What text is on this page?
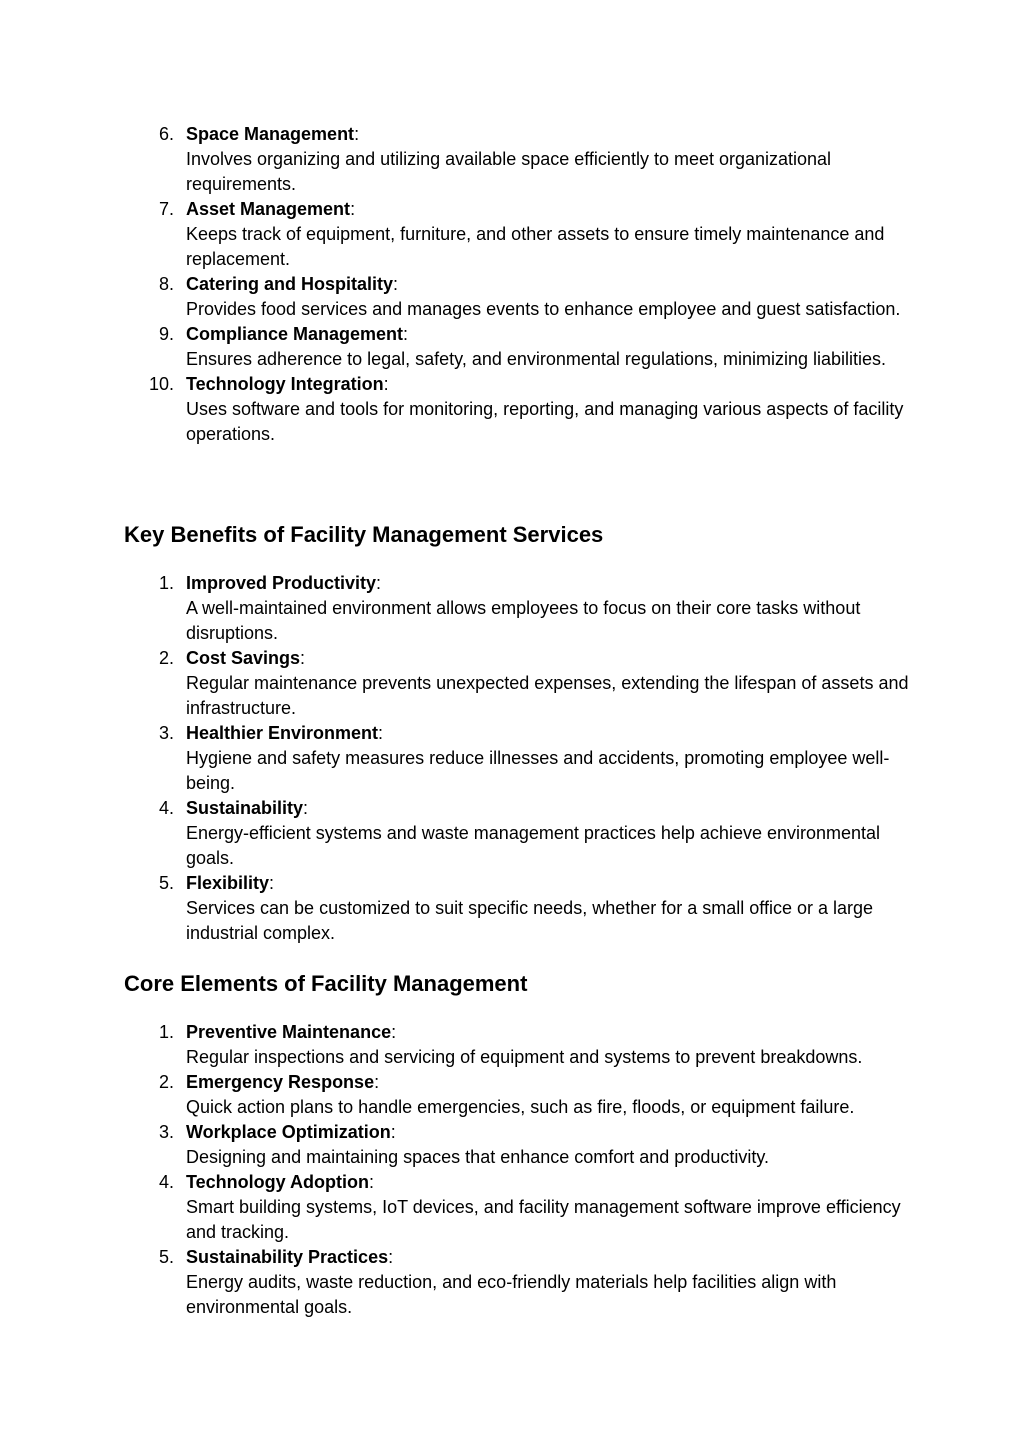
6. Space Management:
Involves organizing and utilizing available space efficiently to meet organizational requirements.
7. Asset Management:
Keeps track of equipment, furniture, and other assets to ensure timely maintenance and replacement.
8. Catering and Hospitality:
Provides food services and manages events to enhance employee and guest satisfaction.
9. Compliance Management:
Ensures adherence to legal, safety, and environmental regulations, minimizing liabilities.
10. Technology Integration:
Uses software and tools for monitoring, reporting, and managing various aspects of facility operations.
Key Benefits of Facility Management Services
1. Improved Productivity:
A well-maintained environment allows employees to focus on their core tasks without disruptions.
2. Cost Savings:
Regular maintenance prevents unexpected expenses, extending the lifespan of assets and infrastructure.
3. Healthier Environment:
Hygiene and safety measures reduce illnesses and accidents, promoting employee well-being.
4. Sustainability:
Energy-efficient systems and waste management practices help achieve environmental goals.
5. Flexibility:
Services can be customized to suit specific needs, whether for a small office or a large industrial complex.
Core Elements of Facility Management
1. Preventive Maintenance:
Regular inspections and servicing of equipment and systems to prevent breakdowns.
2. Emergency Response:
Quick action plans to handle emergencies, such as fire, floods, or equipment failure.
3. Workplace Optimization:
Designing and maintaining spaces that enhance comfort and productivity.
4. Technology Adoption:
Smart building systems, IoT devices, and facility management software improve efficiency and tracking.
5. Sustainability Practices:
Energy audits, waste reduction, and eco-friendly materials help facilities align with environmental goals.
